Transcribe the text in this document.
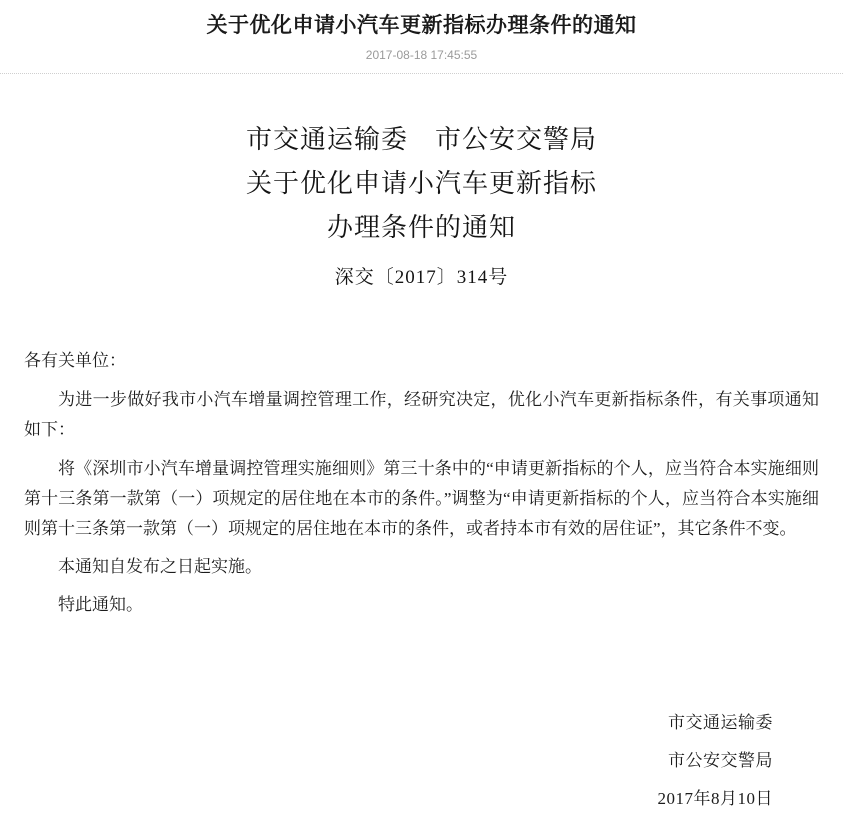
关于优化申请小汽车更新指标办理条件的通知
2017-08-18 17:45:55
市交通运输委　市公安交警局
关于优化申请小汽车更新指标
办理条件的通知
深交〔2017〕314号
各有关单位：
为进一步做好我市小汽车增量调控管理工作，经研究决定，优化小汽车更新指标条件，有关事项通知如下：
将《深圳市小汽车增量调控管理实施细则》第三十条中的“申请更新指标的个人，应当符合本实施细则第十三条第一款第（一）项规定的居住地在本市的条件。”调整为“申请更新指标的个人，应当符合本实施细则第十三条第一款第（一）项规定的居住地在本市的条件，或者持本市有效的居住证”，其它条件不变。
本通知自发布之日起实施。
特此通知。
市交通运输委
市公安交警局
2017年8月10日
